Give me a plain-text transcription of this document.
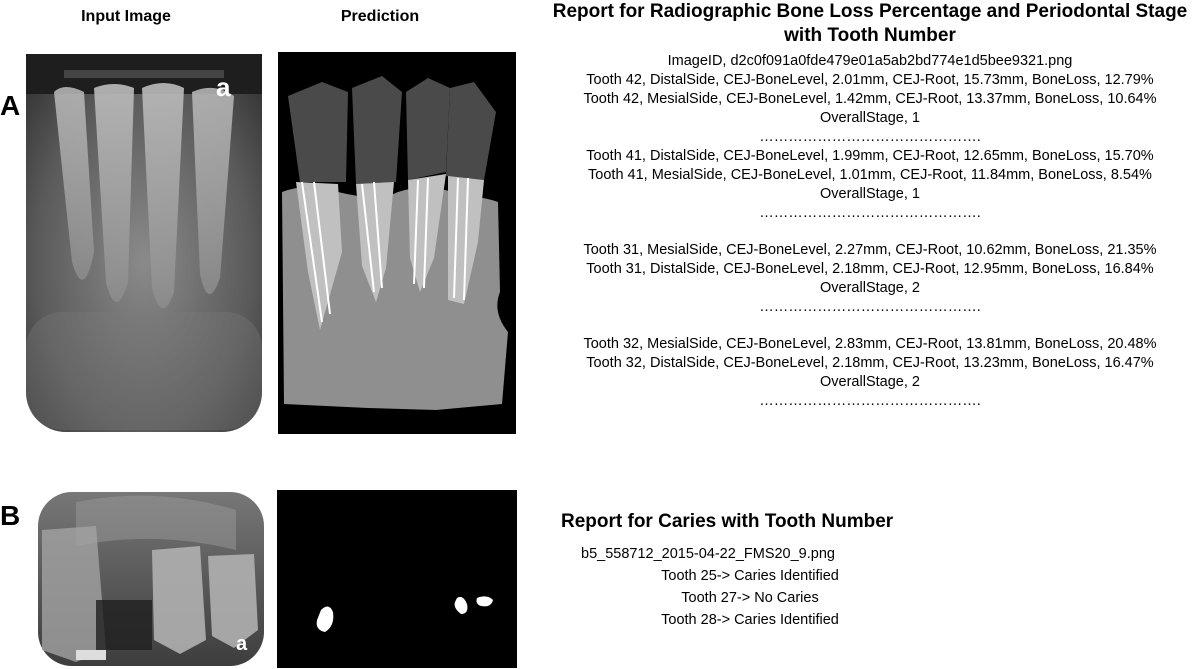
Input Image	Prediction
A
B
a
Report for Radiographic Bone Loss Percentage and Periodontal Stage
with Tooth Number
ImageID, d2c0f091a0fde479e01a5ab2bd774e1d5bee9321.png
Tooth 42, DistalSide, CEJ-BoneLevel, 2.01mm, CEJ-Root, 15.73mm, BoneLoss, 12.79%
Tooth 42, MesialSide, CEJ-BoneLevel, 1.42mm, CEJ-Root, 13.37mm, BoneLoss, 10.64%
OverallStage, 1
……………………………………….
Tooth 41, DistalSide, CEJ-BoneLevel, 1.99mm, CEJ-Root, 12.65mm, BoneLoss, 15.70%
Tooth 41, MesialSide, CEJ-BoneLevel, 1.01mm, CEJ-Root, 11.84mm, BoneLoss, 8.54%
OverallStage, 1
……………………………………….
Tooth 31, MesialSide, CEJ-BoneLevel, 2.27mm, CEJ-Root, 10.62mm, BoneLoss, 21.35%
Tooth 31, DistalSide, CEJ-BoneLevel, 2.18mm, CEJ-Root, 12.95mm, BoneLoss, 16.84%
OverallStage, 2
……………………………………….
Tooth 32, MesialSide, CEJ-BoneLevel, 2.83mm, CEJ-Root, 13.81mm, BoneLoss, 20.48%
Tooth 32, DistalSide, CEJ-BoneLevel, 2.18mm, CEJ-Root, 13.23mm, BoneLoss, 16.47%
OverallStage, 2
……………………………………….
a
Report for Caries with Tooth Number
b5_558712_2015-04-22_FMS20_9.png
Tooth 25-> Caries Identified
Tooth 27-> No Caries
Tooth 28-> Caries Identified
